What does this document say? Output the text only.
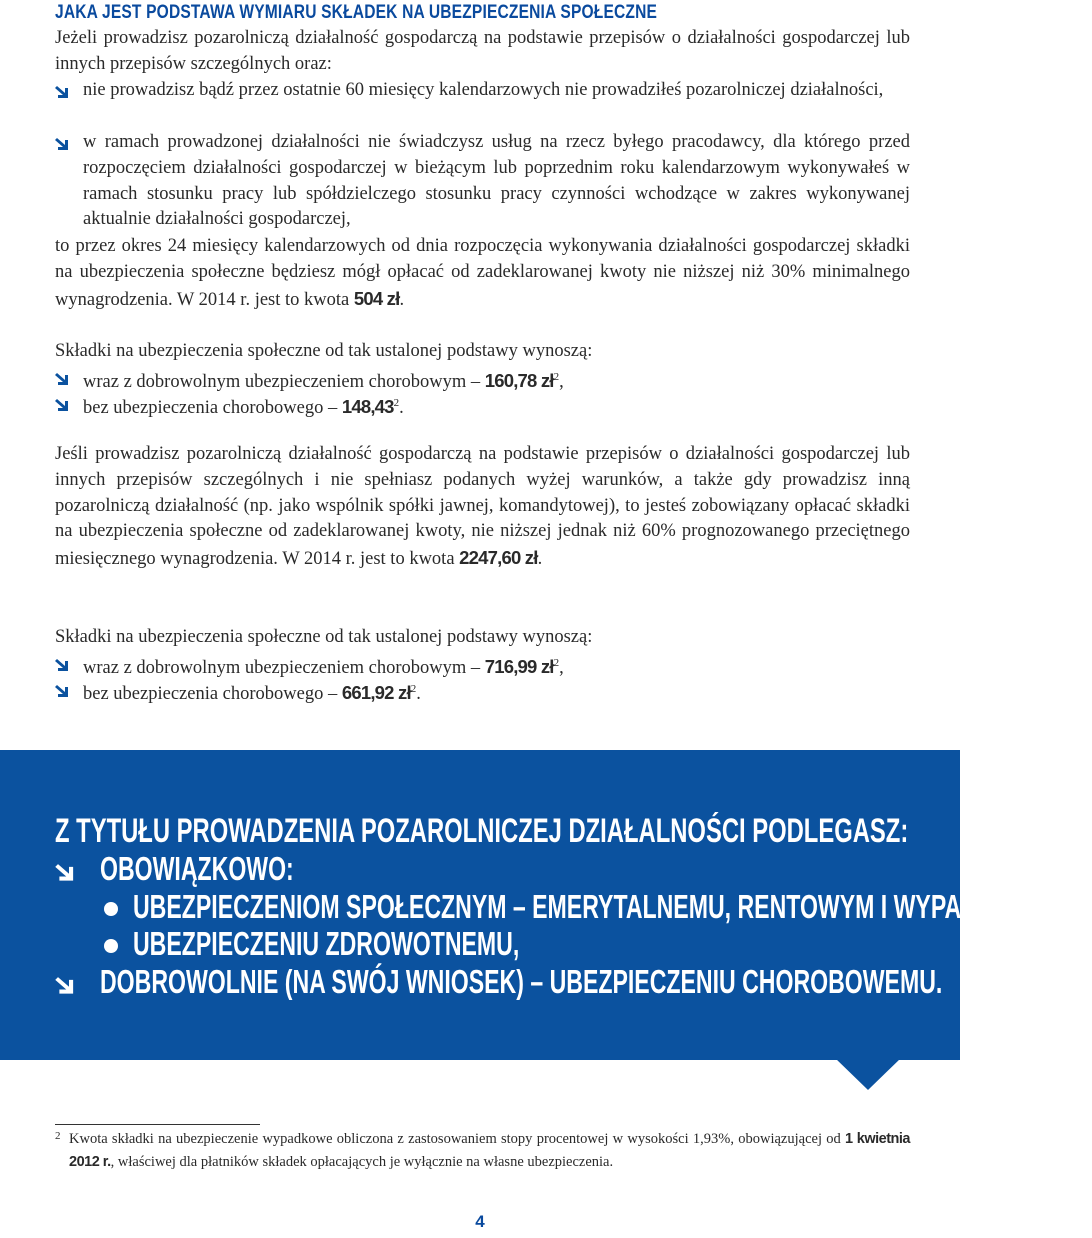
JAKA JEST PODSTAWA WYMIARU SKŁADEK NA UBEZPIECZENIA SPOŁECZNE

Jeżeli prowadzisz pozarolniczą działalność gospodarczą na podstawie przepisów o działalności gospodarczej lub innych przepisów szczególnych oraz:

nie prowadzisz bądź przez ostatnie 60 miesięcy kalendarzowych nie prowadziłeś pozarolniczej działalności,
w ramach prowadzonej działalności nie świadczysz usług na rzecz byłego pracodawcy, dla którego przed rozpoczęciem działalności gospodarczej w bieżącym lub poprzednim roku kalendarzowym wykonywałeś w ramach stosunku pracy lub spółdzielczego stosunku pracy czynności wchodzące w zakres wykonywanej aktualnie działalności gospodarczej,

to przez okres 24 miesięcy kalendarzowych od dnia rozpoczęcia wykonywania działalności gospodarczej składki na ubezpieczenia społeczne będziesz mógł opłacać od zadeklarowanej kwoty nie niższej niż 30% minimalnego wynagrodzenia. W 2014 r. jest to kwota 504 zł.

Składki na ubezpieczenia społeczne od tak ustalonej podstawy wynoszą:

wraz z dobrowolnym ubezpieczeniem chorobowym – 160,78 $zł^2$,
bez ubezpieczenia chorobowego – 148,43$^2$.

Jeśli prowadzisz pozarolniczą działalność gospodarczą na podstawie przepisów o działalności gospodarczej lub innych przepisów szczególnych i nie spełniasz podanych wyżej warunków, a także gdy prowadzisz inną pozarolniczą działalność (np. jako wspólnik spółki jawnej, komandytowej), to jesteś zobowiązany opłacać składki na ubezpieczenia społeczne od zadeklarowanej kwoty, nie niższej jednak niż 60% prognozowanego przeciętnego miesięcznego wynagrodzenia. W 2014 r. jest to kwota 2247,60 zł.

Składki na ubezpieczenia społeczne od tak ustalonej podstawy wynoszą:

wraz z dobrowolnym ubezpieczeniem chorobowym – 716,99 $zł^2$,
bez ubezpieczenia chorobowego – 661,92 $zł^2$.
Z TYTUŁU PROWADZENIA POZAROLNICZEJ DZIAŁALNOŚCI PODLEGASZ:
OBOWIĄZKOWO:
UBEZPIECZENIOM SPOŁECZNYM – EMERYTALNEMU, RENTOWYM I WYPADKOWEMU,
UBEZPIECZENIU ZDROWOTNEMU,
DOBROWOLNIE (NA SWÓJ WNIOSEK) – UBEZPIECZENIU CHOROBOWEMU.
2 Kwota składki na ubezpieczenie wypadkowe obliczona z zastosowaniem stopy procentowej w wysokości 1,93%, obowiązującej od 1 kwietnia 2012 r., właściwej dla płatników składek opłacających je wyłącznie na własne ubezpieczenia.
4
